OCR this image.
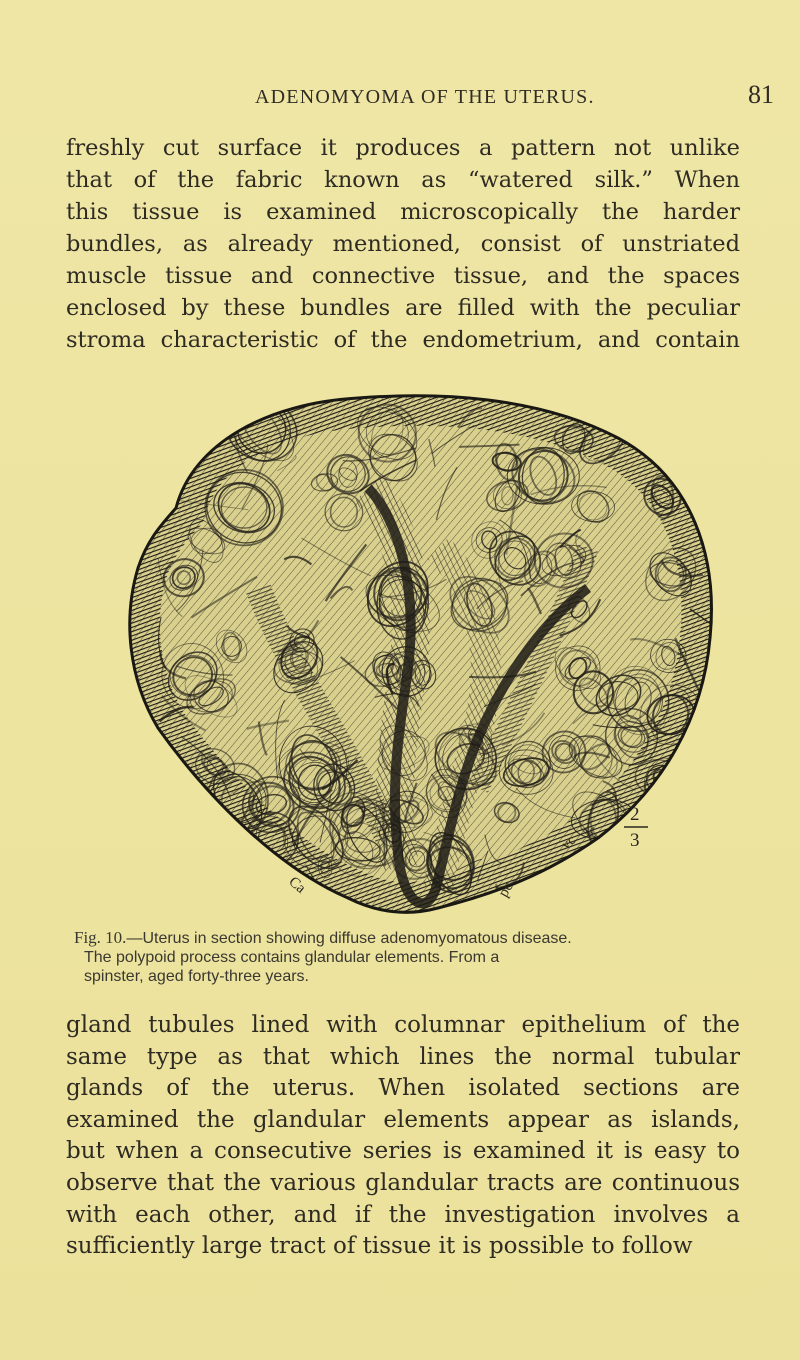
ADENOMYOMA OF THE UTERUS.	81
freshly cut surface it produces a pattern not unlike
that of the fabric known as “watered silk.” When
this tissue is examined microscopically the harder
bundles, as already mentioned, consist of unstriated
muscle tissue and connective tissue, and the spaces
enclosed by these bundles are filled with the peculiar
stroma characteristic of the endometrium, and contain
2
3
Ca	pc
vc
Ic
Fig. 10.—Uterus in section showing diffuse adenomyomatous disease.
The polypoid process contains glandular elements. From a
spinster, aged forty-three years.
gland tubules lined with columnar epithelium of the
same type as that which lines the normal tubular
glands of the uterus. When isolated sections are
examined the glandular elements appear as islands,
but when a consecutive series is examined it is easy to
observe that the various glandular tracts are continuous
with each other, and if the investigation involves a
sufficiently large tract of tissue it is possible to follow
